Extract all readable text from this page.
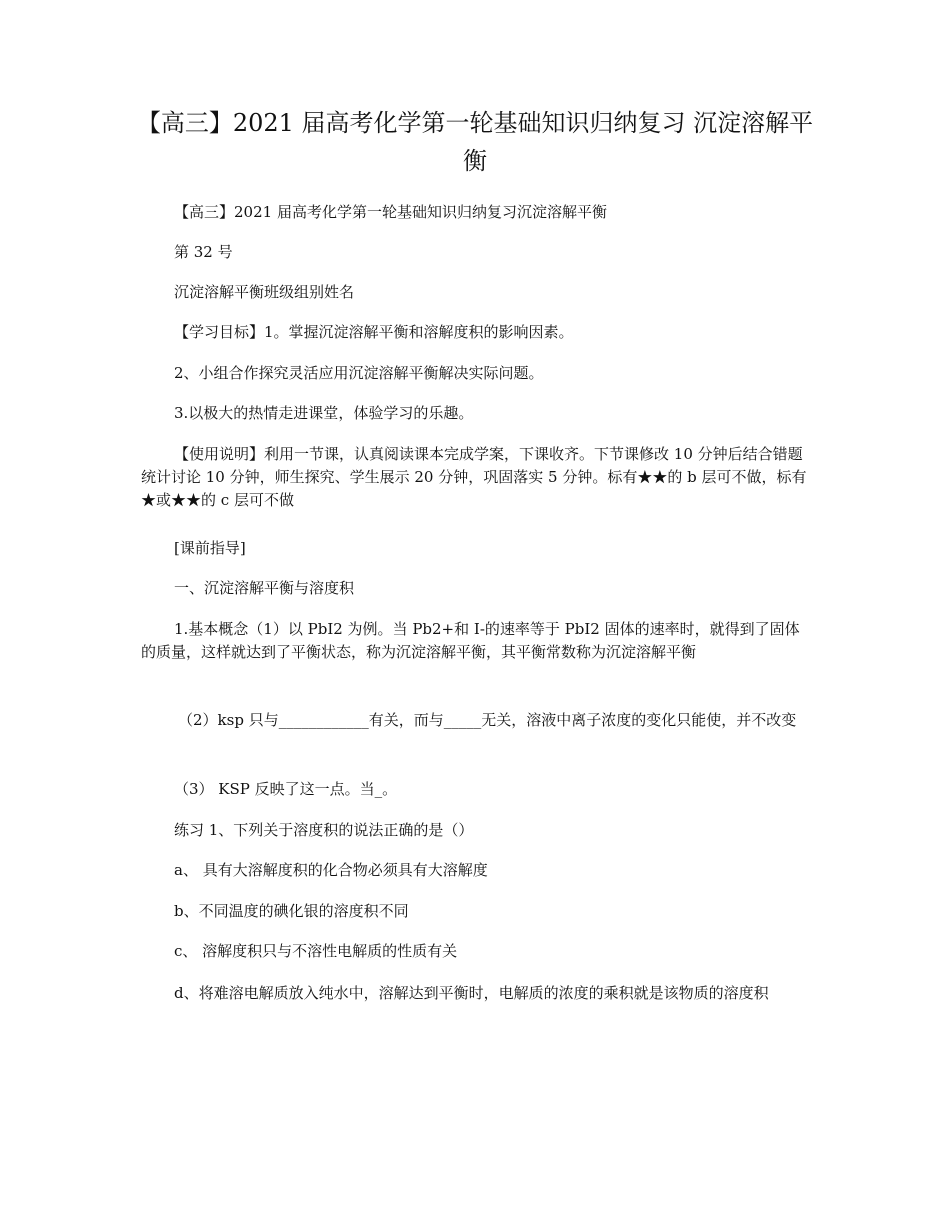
【高三】2021 届高考化学第一轮基础知识归纳复习 沉淀溶解平衡

【高三】2021 届高考化学第一轮基础知识归纳复习沉淀溶解平衡

第 32 号

沉淀溶解平衡班级组别姓名

【学习目标】1。掌握沉淀溶解平衡和溶解度积的影响因素。

2、小组合作探究灵活应用沉淀溶解平衡解决实际问题。

3.以极大的热情走进课堂，体验学习的乐趣。

【使用说明】利用一节课，认真阅读课本完成学案，下课收齐。下节课修改 10 分钟后结合错题统计讨论 10 分钟，师生探究、学生展示 20 分钟，巩固落实 5 分钟。标有★★的 b 层可不做，标有★或★★的 c 层可不做

[课前指导]

一、沉淀溶解平衡与溶度积

1.基本概念（1）以 PbI2 为例。当 Pb2+和 I-的速率等于 PbI2 固体的速率时，就得到了固体的质量，这样就达到了平衡状态，称为沉淀溶解平衡，其平衡常数称为沉淀溶解平衡

（2）ksp 只与____________有关，而与_____无关，溶液中离子浓度的变化只能使，并不改变

（3） KSP 反映了这一点。当_。

练习 1、下列关于溶度积的说法正确的是（）

a、 具有大溶解度积的化合物必须具有大溶解度

b、不同温度的碘化银的溶度积不同

c、 溶解度积只与不溶性电解质的性质有关

d、将难溶电解质放入纯水中，溶解达到平衡时，电解质的浓度的乘积就是该物质的溶度积
